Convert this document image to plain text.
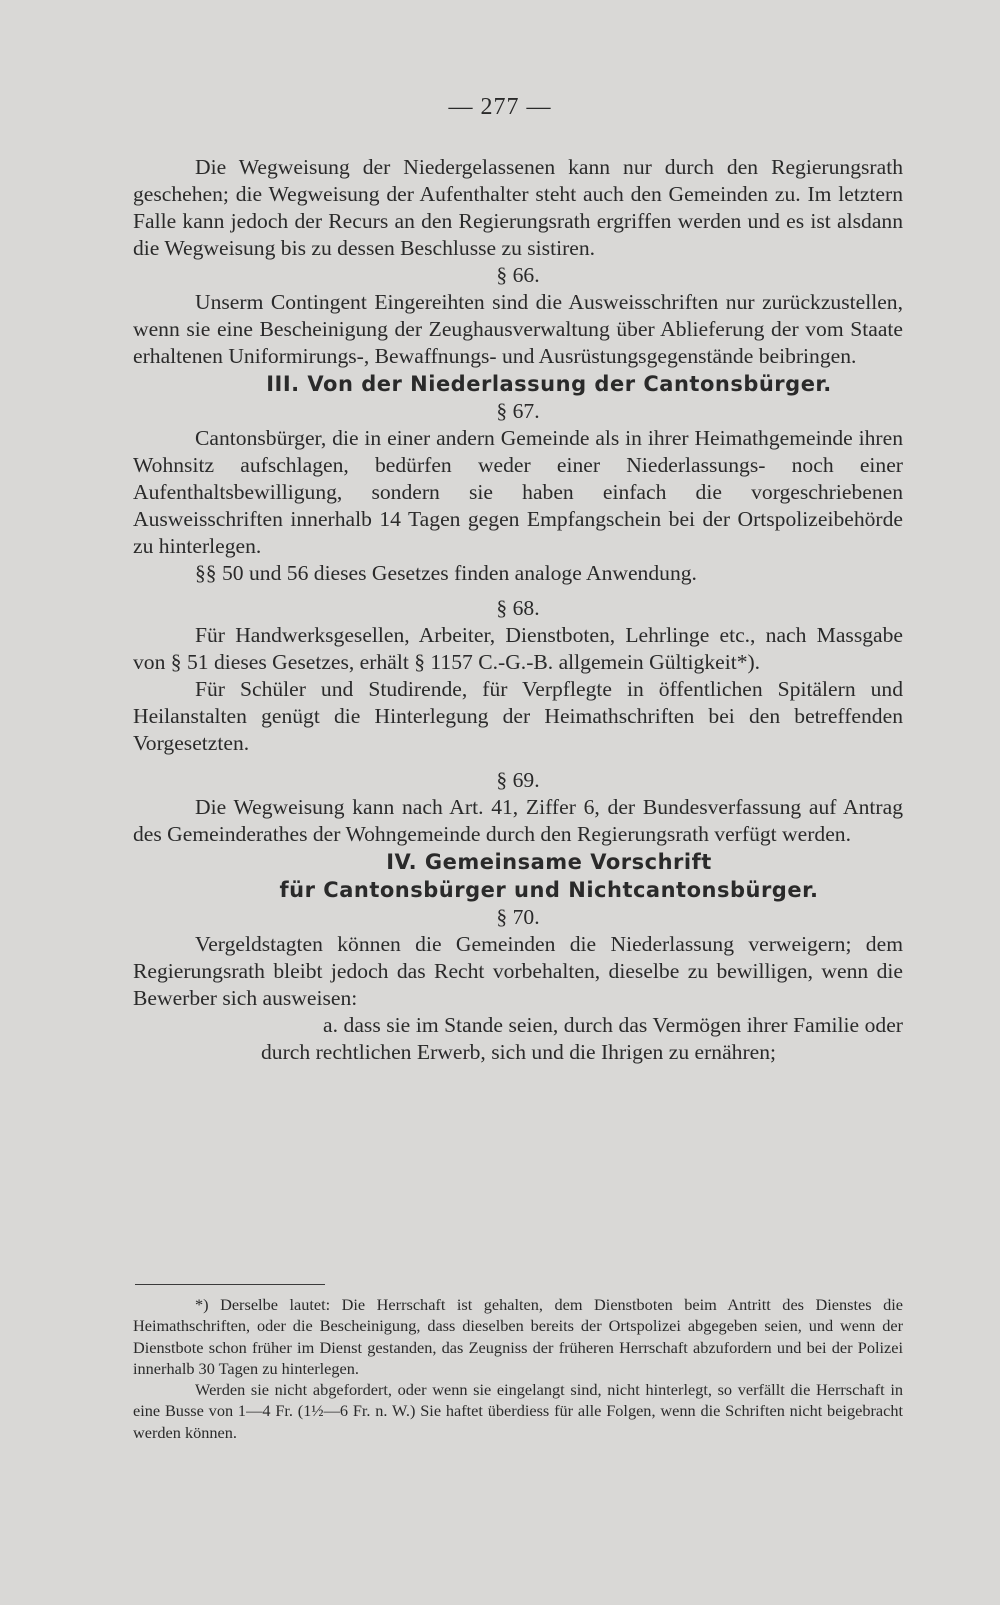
— 277 —

Die Wegweisung der Niedergelassenen kann nur durch den Regierungsrath geschehen; die Wegweisung der Aufenthalter steht auch den Gemeinden zu. Im letztern Falle kann jedoch der Recurs an den Regierungsrath ergriffen werden und es ist alsdann die Wegweisung bis zu dessen Beschlusse zu sistiren.

§ 66.

Unserm Contingent Eingereihten sind die Ausweisschriften nur zurückzustellen, wenn sie eine Bescheinigung der Zeughausverwaltung über Ablieferung der vom Staate erhaltenen Uniformirungs-, Bewaffnungs- und Ausrüstungsgegenstände beibringen.

III. Von der Niederlassung der Cantonsbürger.

§ 67.

Cantonsbürger, die in einer andern Gemeinde als in ihrer Heimathgemeinde ihren Wohnsitz aufschlagen, bedürfen weder einer Niederlassungs- noch einer Aufenthaltsbewilligung, sondern sie haben einfach die vorgeschriebenen Ausweisschriften innerhalb 14 Tagen gegen Empfangschein bei der Ortspolizeibehörde zu hinterlegen.

§§ 50 und 56 dieses Gesetzes finden analoge Anwendung.

§ 68.

Für Handwerksgesellen, Arbeiter, Dienstboten, Lehrlinge etc., nach Massgabe von § 51 dieses Gesetzes, erhält § 1157 C.-G.-B. allgemein Gültigkeit*).

Für Schüler und Studirende, für Verpflegte in öffentlichen Spitälern und Heilanstalten genügt die Hinterlegung der Heimathschriften bei den betreffenden Vorgesetzten.

§ 69.

Die Wegweisung kann nach Art. 41, Ziffer 6, der Bundesverfassung auf Antrag des Gemeinderathes der Wohngemeinde durch den Regierungsrath verfügt werden.

IV. Gemeinsame Vorschrift

für Cantonsbürger und Nichtcantonsbürger.

§ 70.

Vergeldstagten können die Gemeinden die Niederlassung verweigern; dem Regierungsrath bleibt jedoch das Recht vorbehalten, dieselbe zu bewilligen, wenn die Bewerber sich ausweisen:

a. dass sie im Stande seien, durch das Vermögen ihrer Familie oder durch rechtlichen Erwerb, sich und die Ihrigen zu ernähren;

*) Derselbe lautet: Die Herrschaft ist gehalten, dem Dienstboten beim Antritt des Dienstes die Heimathschriften, oder die Bescheinigung, dass dieselben bereits der Ortspolizei abgegeben seien, und wenn der Dienstbote schon früher im Dienst gestanden, das Zeugniss der früheren Herrschaft abzufordern und bei der Polizei innerhalb 30 Tagen zu hinterlegen.

Werden sie nicht abgefordert, oder wenn sie eingelangt sind, nicht hinterlegt, so verfällt die Herrschaft in eine Busse von 1—4 Fr. (1½—6 Fr. n. W.) Sie haftet überdiess für alle Folgen, wenn die Schriften nicht beigebracht werden können.
